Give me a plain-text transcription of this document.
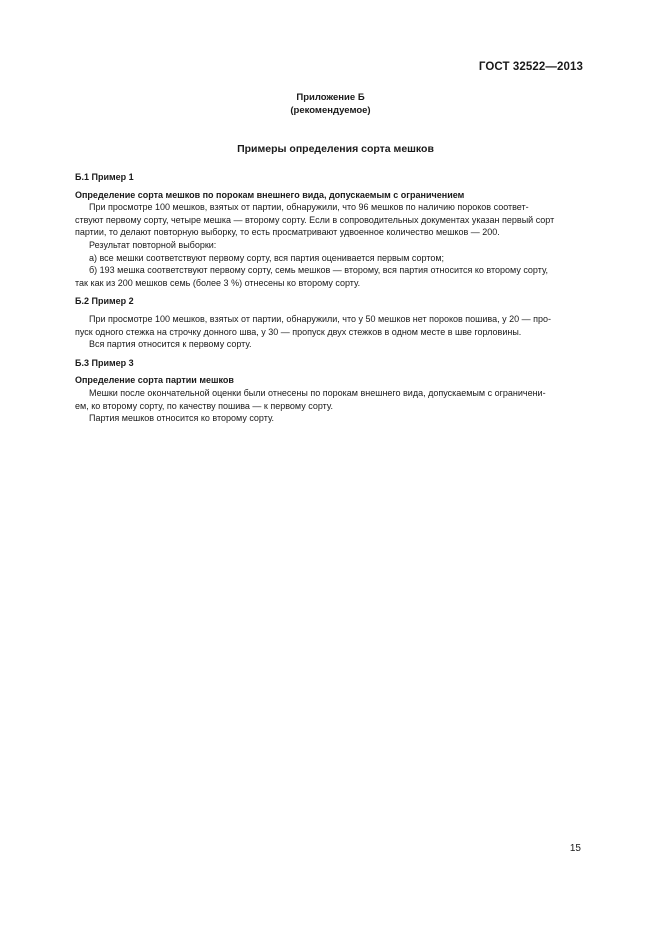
ГОСТ 32522—2013
Приложение Б
(рекомендуемое)
Примеры определения сорта мешков
Б.1 Пример 1
Определение сорта мешков по порокам внешнего вида, допускаемым с ограничением
При просмотре 100 мешков, взятых от партии, обнаружили, что 96 мешков по наличию пороков соответ-
ствуют первому сорту, четыре мешка — второму сорту. Если в сопроводительных документах указан первый сорт
партии, то делают повторную выборку, то есть просматривают удвоенное количество мешков — 200.
Результат повторной выборки:
а) все мешки соответствуют первому сорту, вся партия оценивается первым сортом;
б) 193 мешка соответствуют первому сорту, семь мешков — второму, вся партия относится ко второму сорту,
так как из 200 мешков семь (более 3 %) отнесены ко второму сорту.
Б.2 Пример 2
При просмотре 100 мешков, взятых от партии, обнаружили, что у 50 мешков нет пороков пошива, у 20 — про-
пуск одного стежка на строчку донного шва, у 30 — пропуск двух стежков в одном месте в шве горловины.
Вся партия относится к первому сорту.
Б.3 Пример 3
Определение сорта партии мешков
Мешки после окончательной оценки были отнесены по порокам внешнего вида, допускаемым с ограничени-
ем, ко второму сорту, по качеству пошива — к первому сорту.
Партия мешков относится ко второму сорту.
15
